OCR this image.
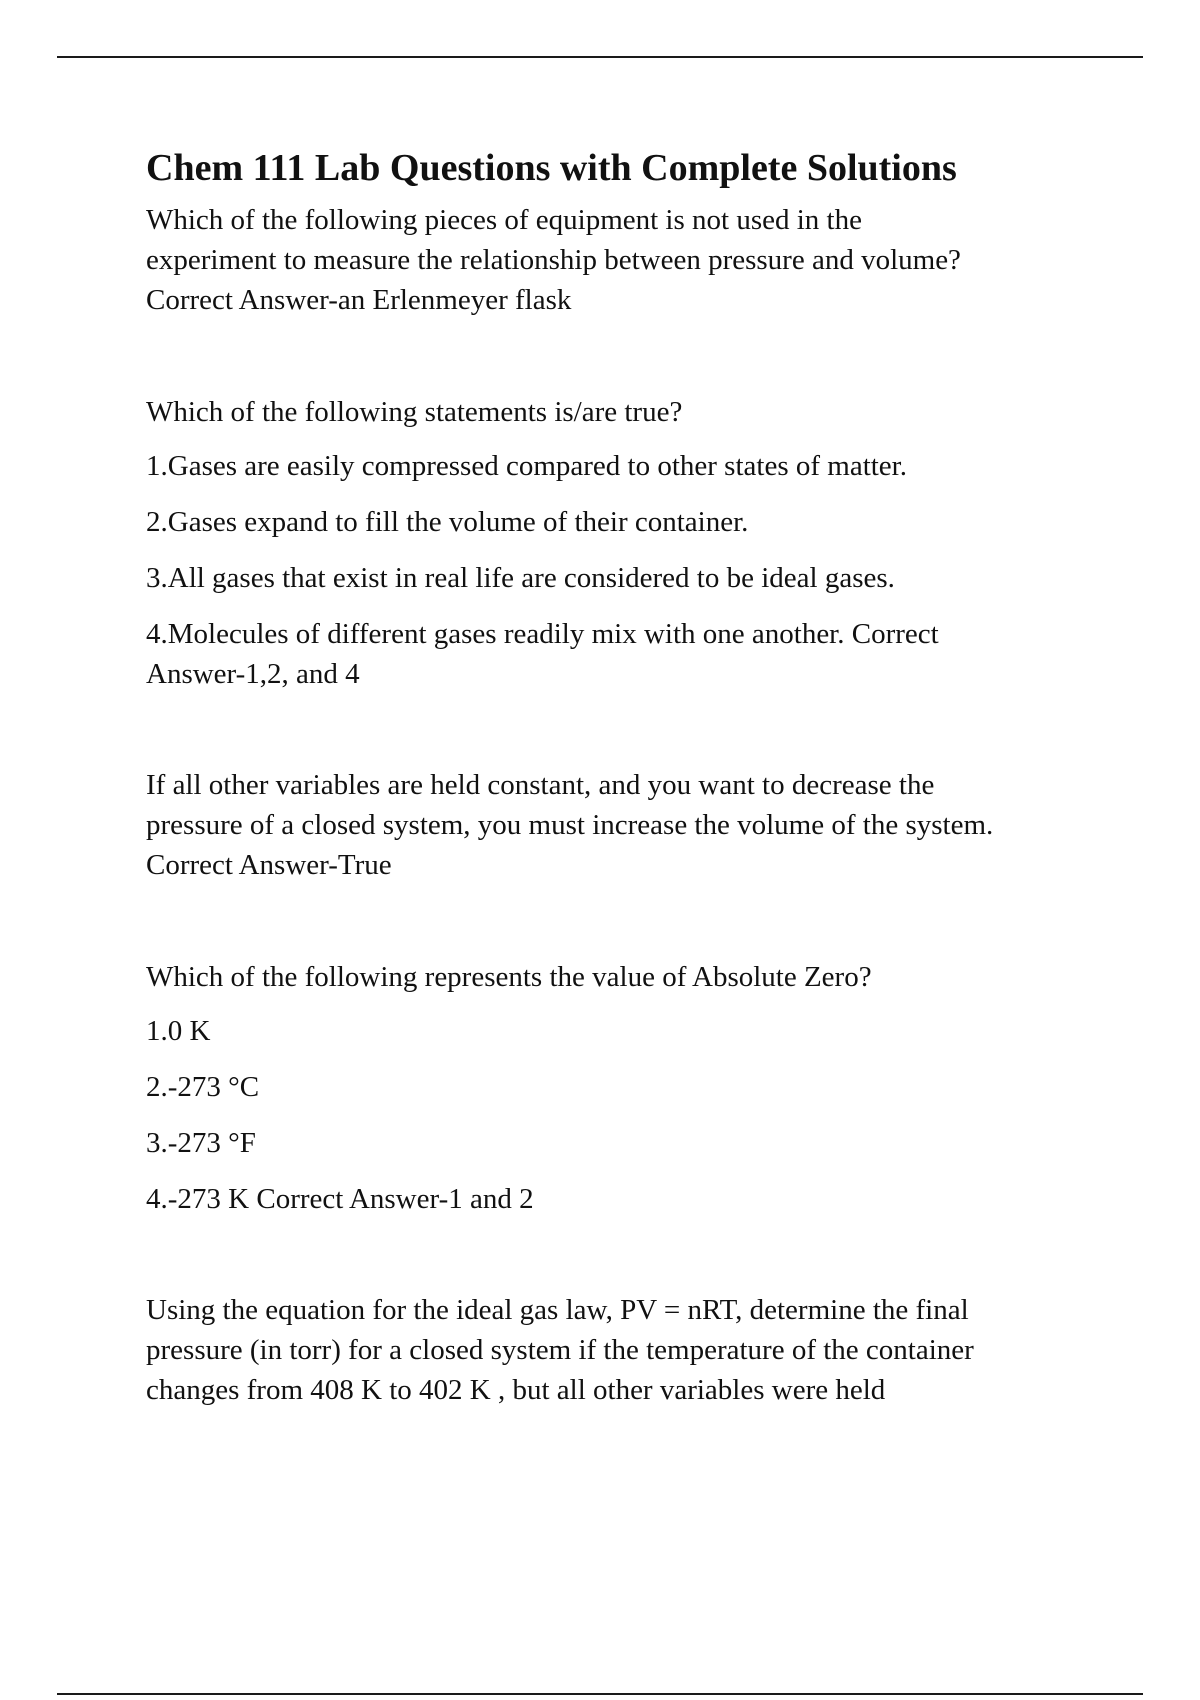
Chem 111 Lab Questions with Complete Solutions

Which of the following pieces of equipment is not used in the

experiment to measure the relationship between pressure and volume?

Correct Answer-an Erlenmeyer flask

Which of the following statements is/are true?

1.Gases are easily compressed compared to other states of matter.

2.Gases expand to fill the volume of their container.

3.All gases that exist in real life are considered to be ideal gases.

4.Molecules of different gases readily mix with one another. Correct

Answer-1,2, and 4

If all other variables are held constant, and you want to decrease the

pressure of a closed system, you must increase the volume of the system.

Correct Answer-True

Which of the following represents the value of Absolute Zero?

1.0 K

2.-273 °C

3.-273 °F

4.-273 K Correct Answer-1 and 2

Using the equation for the ideal gas law, PV = nRT, determine the final

pressure (in torr) for a closed system if the temperature of the container

changes from 408 K to 402 K , but all other variables were held
